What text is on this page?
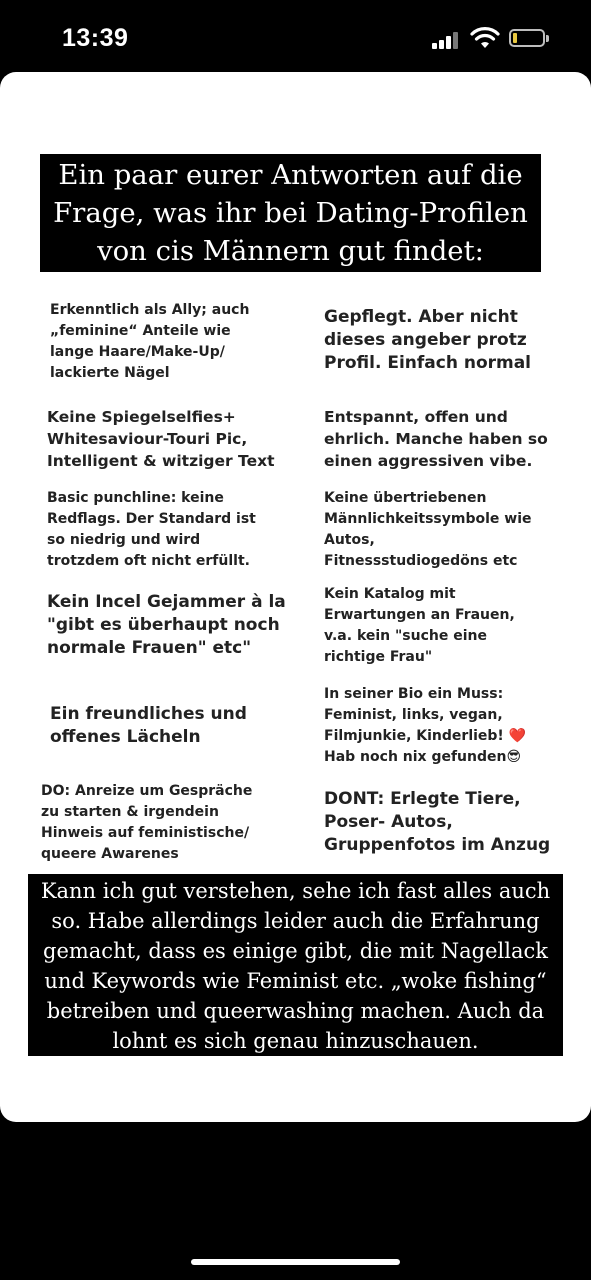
13:39
Ein paar eurer Antworten auf die
Frage, was ihr bei Dating-Profilen
von cis Männern gut findet:
Erkenntlich als Ally; auch
„feminine“ Anteile wie
lange Haare/Make-Up/
lackierte Nägel
Gepflegt. Aber nicht
dieses angeber protz
Profil. Einfach normal
Keine Spiegelselfies+
Whitesaviour-Touri Pic,
Intelligent & witziger Text
Entspannt, offen und
ehrlich. Manche haben so
einen aggressiven vibe.
Basic punchline: keine
Redflags. Der Standard ist
so niedrig und wird
trotzdem oft nicht erfüllt.
Keine übertriebenen
Männlichkeitssymbole wie
Autos,
Fitnessstudiogedöns etc
Kein Incel Gejammer à la
"gibt es überhaupt noch
normale Frauen" etc"
Kein Katalog mit
Erwartungen an Frauen,
v.a. kein "suche eine
richtige Frau"
Ein freundliches und
offenes Lächeln
In seiner Bio ein Muss:
Feminist, links, vegan,
Filmjunkie, Kinderlieb! ❤️
Hab noch nix gefunden😎
DO: Anreize um Gespräche
zu starten & irgendein
Hinweis auf feministische/
queere Awarenes
DONT: Erlegte Tiere,
Poser- Autos,
Gruppenfotos im Anzug
Kann ich gut verstehen, sehe ich fast alles auch
so. Habe allerdings leider auch die Erfahrung
gemacht, dass es einige gibt, die mit Nagellack
und Keywords wie Feminist etc. „woke fishing“
betreiben und queerwashing machen. Auch da
lohnt es sich genau hinzuschauen.
